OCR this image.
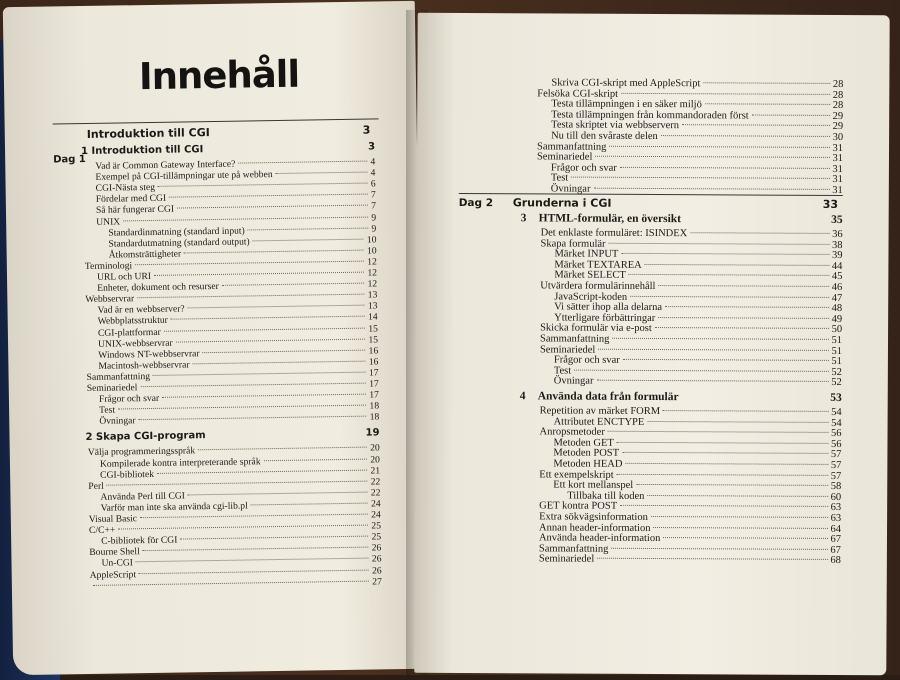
Innehåll
Dag 1
Introduktion till CGI	3
1 Introduktion till CGI	3
Vad är Common Gateway Interface?	4
Exempel på CGI-tillämpningar ute på webben	4
CGI-Nästa steg	6
Fördelar med CGI	7
Så här fungerar CGI	7
UNIX	9
Standardinmatning (standard input)	9
Standardutmatning (standard output)	10
Åtkomsträttigheter	10
Terminologi	12
URL och URI	12
Enheter, dokument och resurser	12
Webbservrar	13
Vad är en webbserver?	13
Webbplatsstruktur	14
CGI-plattformar	15
UNIX-webbservrar	15
Windows NT-webbservrar	16
Macintosh-webbservrar	16
Sammanfattning	17
Seminariedel	17
Frågor och svar	17
Test	18
Övningar	18
2 Skapa CGI-program	19
Välja programmeringsspråk	20
Kompilerade kontra interpreterande språk	20
CGI-bibliotek	21
Perl	22
Använda Perl till CGI	22
Varför man inte ska använda cgi-lib.pl	24
Visual Basic	24
C/C++	25
C-bibliotek för CGI	25
Bourne Shell	26
Un-CGI	26
AppleScript	26
27
Skriva CGI-skript med AppleScript	28
Felsöka CGI-skript	28
Testa tillämpningen i en säker miljö	28
Testa tillämpningen från kommandoraden först	29
Testa skriptet via webbservern	29
Nu till den svåraste delen	30
Sammanfattning	31
Seminariedel	31
Frågor och svar	31
Test	31
Övningar	31
Dag 2 Grunderna i CGI	33
3	HTML-formulär, en översikt	35
Det enklaste formuläret: ISINDEX	36
Skapa formulär	38
Märket INPUT	39
Märket TEXTAREA	44
Märket SELECT	45
Utvärdera formulärinnehåll	46
JavaScript-koden	47
Vi sätter ihop alla delarna	48
Ytterligare förbättringar	49
Skicka formulär via e-post	50
Sammanfattning	51
Seminariedel	51
Frågor och svar	51
Test	52
Övningar	52
4	Använda data från formulär	53
Repetition av märket FORM	54
Attributet ENCTYPE	54
Anropsmetoder	56
Metoden GET	56
Metoden POST	57
Metoden HEAD	57
Ett exempelskript	57
Ett kort mellanspel	58
Tillbaka till koden	60
GET kontra POST	63
Extra sökvägsinformation	63
Annan header-information	64
Använda header-information	67
Sammanfattning	67
Seminariedel	68
